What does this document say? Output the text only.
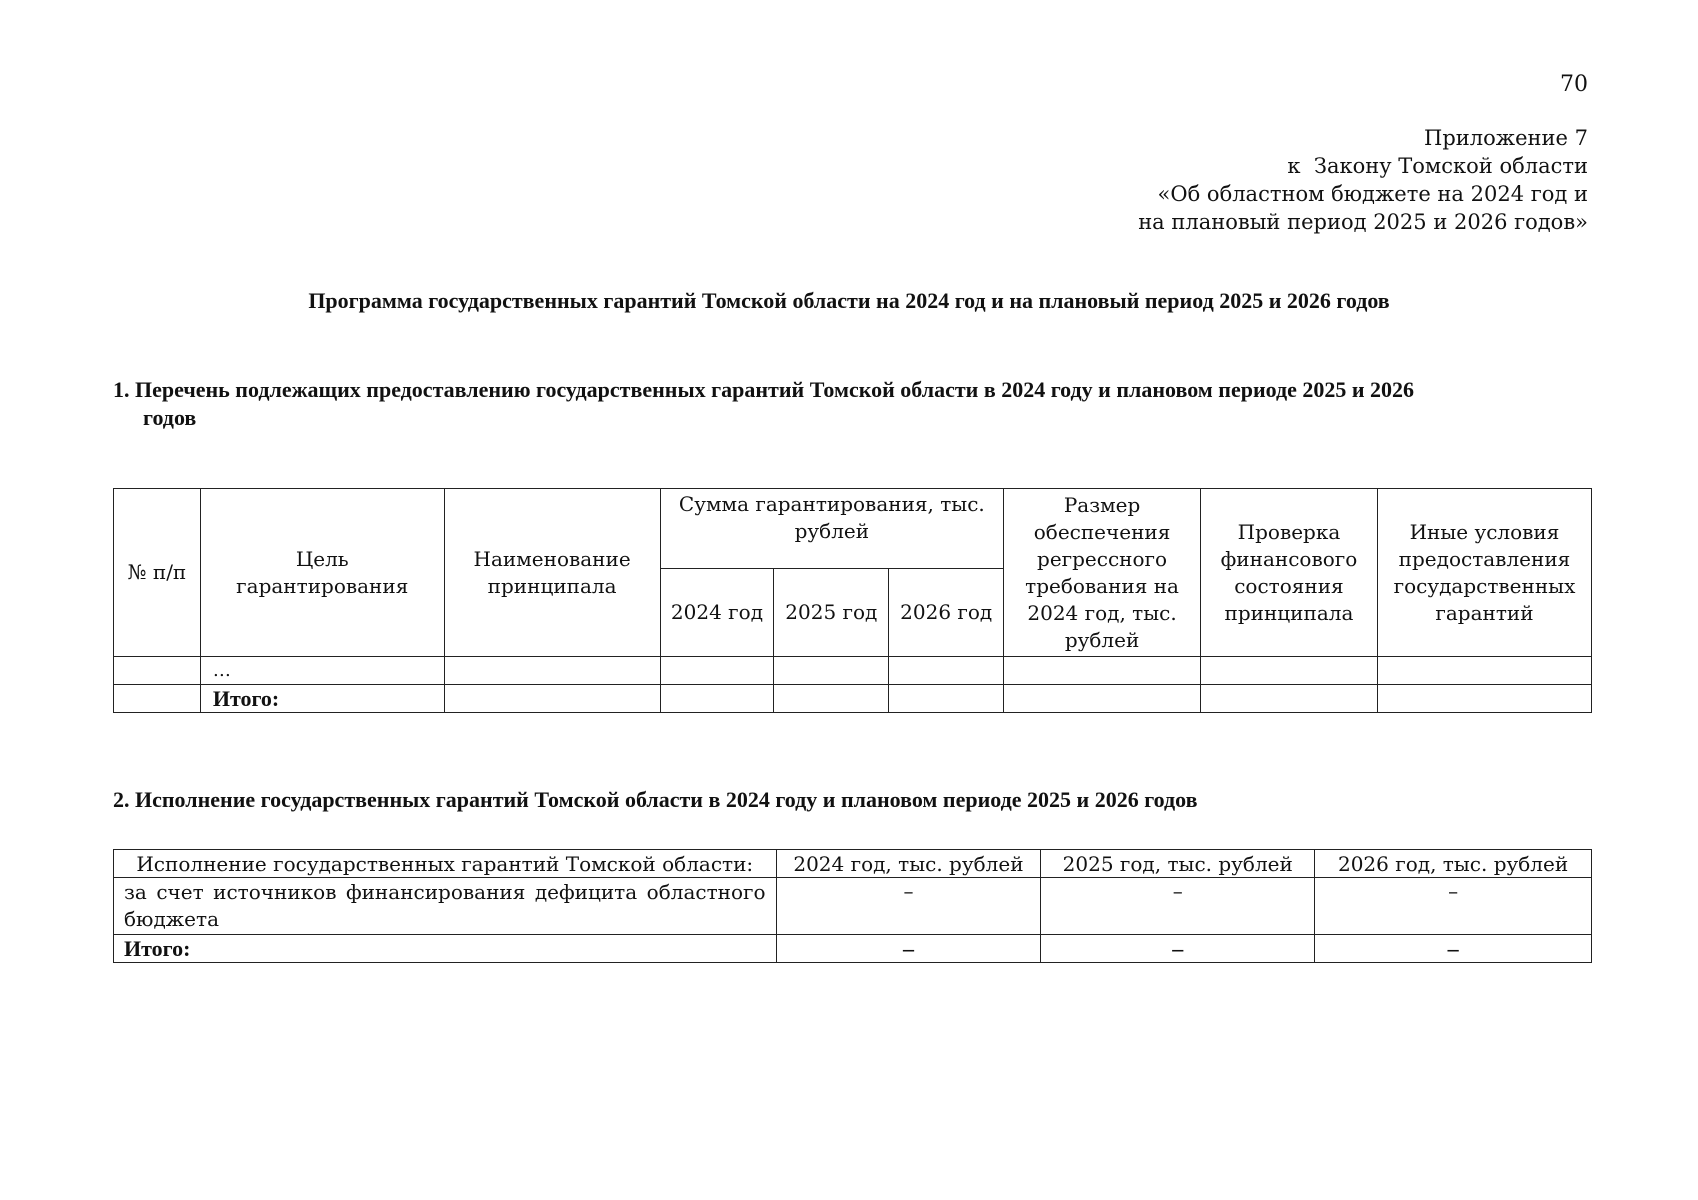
70
Приложение 7
к  Закону Томской области
«Об областном бюджете на 2024 год и
на плановый период 2025 и 2026 годов»
Программа государственных гарантий Томской области на 2024 год и на плановый период 2025 и 2026 годов
1. Перечень подлежащих предоставлению государственных гарантий Томской области в 2024 году и плановом периоде 2025 и 2026
годов
№ п/п	Цель гарантирования	Наименование принципала	Сумма гарантирования, тыс. рублей			Размер обеспечения регрессного требования на 2024 год, тыс. рублей	Проверка финансового состояния принципала	Иные условия предоставления государственных гарантий
			2024 год	2025 год	2026 год			
	…							
	Итого:							
2. Исполнение государственных гарантий Томской области в 2024 году и плановом периоде 2025 и 2026 годов
Исполнение государственных гарантий Томской области:	2024 год, тыс. рублей	2025 год, тыс. рублей	2026 год, тыс. рублей
за счет источников финансирования дефицита областного бюджета	–	–	–
Итого:	–	–	–
